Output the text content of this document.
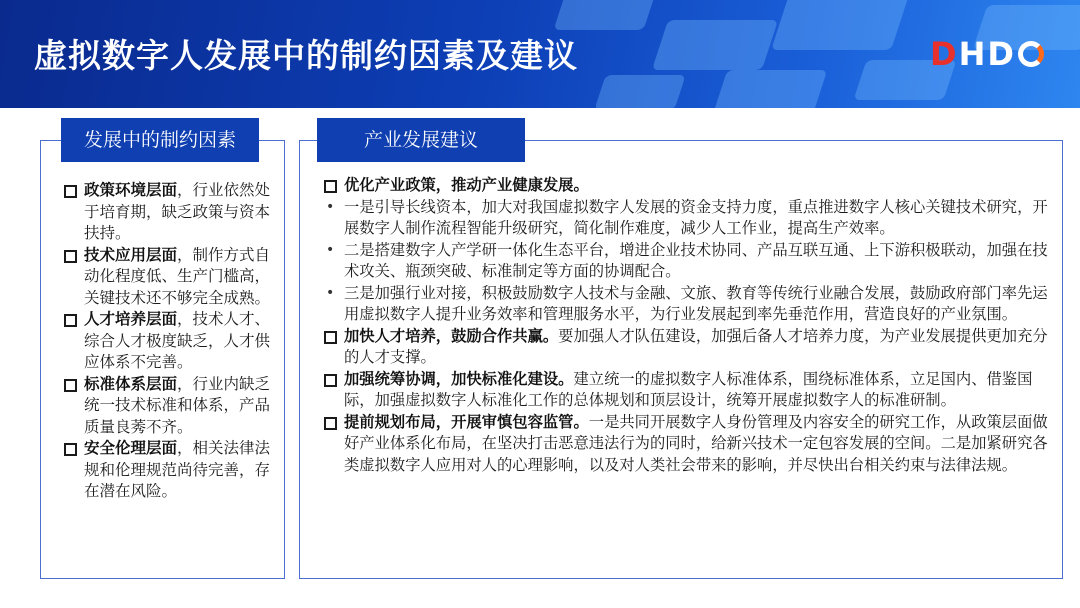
虚拟数字人发展中的制约因素及建议	D H D
发展中的制约因素	产业发展建议
政策环境层面，行业依然处于培育期，缺乏政策与资本扶持。
技术应用层面，制作方式自动化程度低、生产门槛高，关键技术还不够完全成熟。
人才培养层面，技术人才、综合人才极度缺乏，人才供应体系不完善。
标准体系层面，行业内缺乏统一技术标准和体系，产品质量良莠不齐。
安全伦理层面，相关法律法规和伦理规范尚待完善，存在潜在风险。
优化产业政策，推动产业健康发展。
• 一是引导长线资本，加大对我国虚拟数字人发展的资金支持力度，重点推进数字人核心关键技术研究，开展数字人制作流程智能升级研究，简化制作难度，减少人工作业，提高生产效率。
• 二是搭建数字人产学研一体化生态平台，增进企业技术协同、产品互联互通、上下游积极联动，加强在技术攻关、瓶颈突破、标准制定等方面的协调配合。
• 三是加强行业对接，积极鼓励数字人技术与金融、文旅、教育等传统行业融合发展，鼓励政府部门率先运用虚拟数字人提升业务效率和管理服务水平，为行业发展起到率先垂范作用，营造良好的产业氛围。
加快人才培养，鼓励合作共赢。要加强人才队伍建设，加强后备人才培养力度，为产业发展提供更加充分的人才支撑。
加强统筹协调，加快标准化建设。建立统一的虚拟数字人标准体系，围绕标准体系，立足国内、借鉴国际，加强虚拟数字人标准化工作的总体规划和顶层设计，统筹开展虚拟数字人的标准研制。
提前规划布局，开展审慎包容监管。一是共同开展数字人身份管理及内容安全的研究工作，从政策层面做好产业体系化布局，在坚决打击恶意违法行为的同时，给新兴技术一定包容发展的空间。二是加紧研究各类虚拟数字人应用对人的心理影响，以及对人类社会带来的影响，并尽快出台相关约束与法律法规。
